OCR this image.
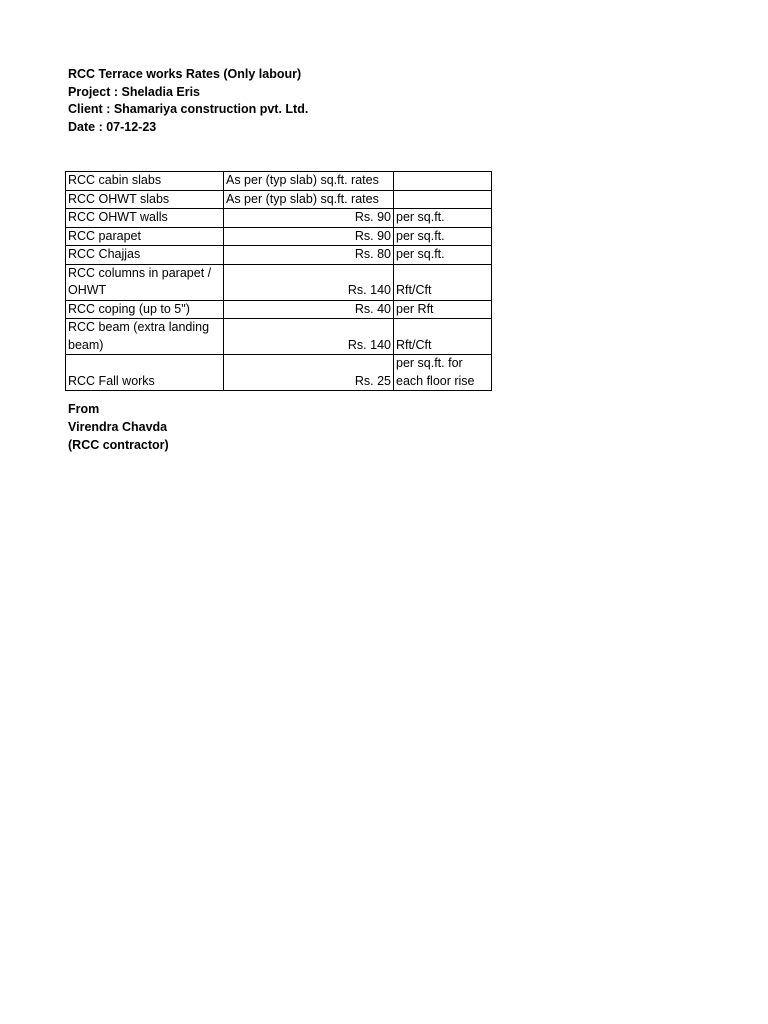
RCC Terrace works Rates (Only labour)
Project : Sheladia Eris
Client : Shamariya construction pvt. Ltd.
Date : 07-12-23
RCC cabin slabs	As per (typ slab) sq.ft. rates	
RCC OHWT slabs	As per (typ slab) sq.ft. rates	
RCC OHWT walls	Rs. 90	per sq.ft.
RCC parapet	Rs. 90	per sq.ft.
RCC Chajjas	Rs. 80	per sq.ft.
RCC columns in parapet / OHWT	Rs. 140	Rft/Cft
RCC coping (up to 5")	Rs. 40	per Rft
RCC beam (extra landing beam)	Rs. 140	Rft/Cft
RCC Fall works	Rs. 25	per sq.ft. for each floor rise
From
Virendra Chavda
(RCC contractor)
